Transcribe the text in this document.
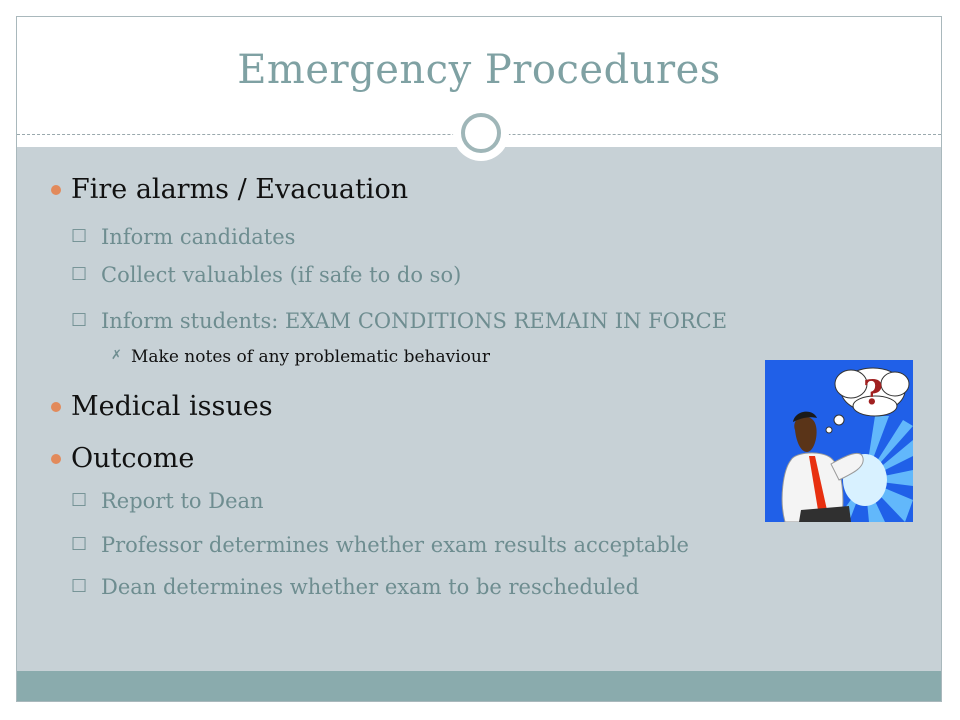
Emergency Procedures
Fire alarms / Evacuation
□ Inform candidates
□ Collect valuables (if safe to do so)
□ Inform students: EXAM CONDITIONS REMAIN IN FORCE
✗ Make notes of any problematic behaviour
Medical issues
Outcome
□ Report to Dean
□ Professor determines whether exam results acceptable
□ Dean determines whether exam to be rescheduled
?
